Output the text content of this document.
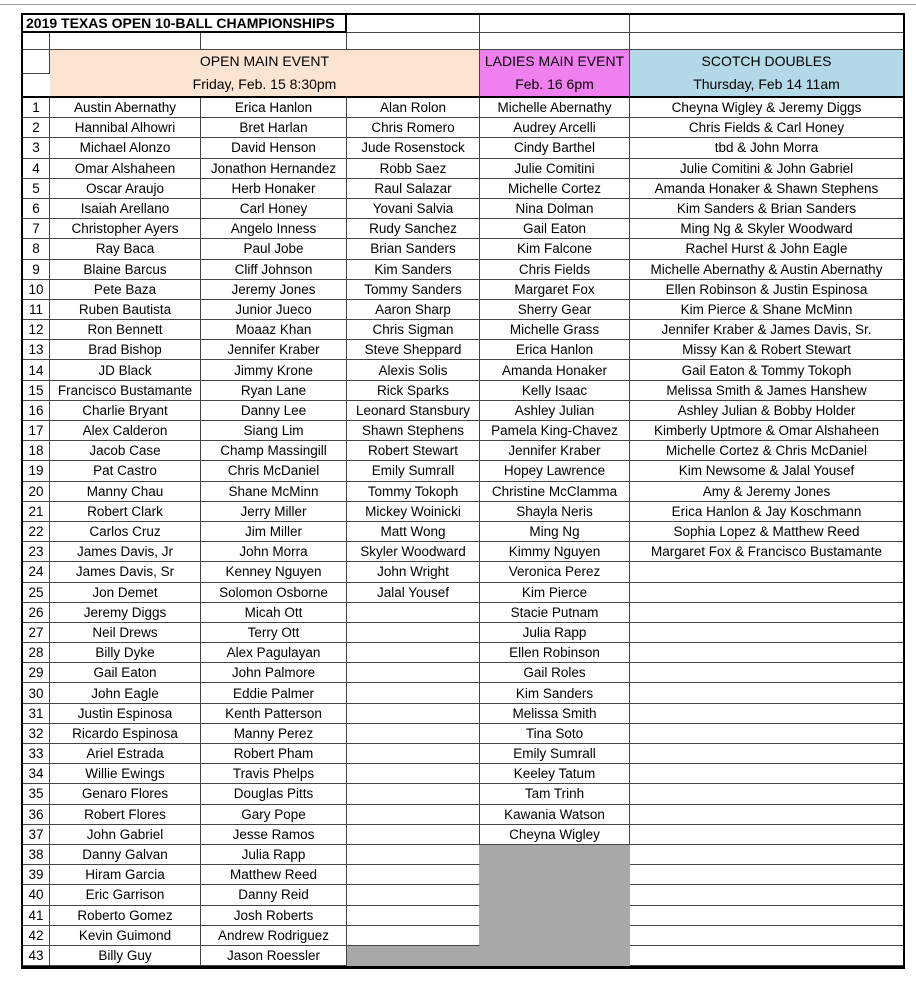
2019 TEXAS OPEN 10-BALL CHAMPIONSHIPS					

OPEN MAIN EVENT
Friday, Feb. 15 8:30pm

LADIES MAIN EVENT
Feb. 16 6pm

SCOTCH DOUBLES
Thursday, Feb 14 11am

1	Austin Abernathy	Erica Hanlon	Alan Rolon	Michelle Abernathy	Cheyna Wigley & Jeremy Diggs
2	Hannibal Alhowri	Bret Harlan	Chris Romero	Audrey Arcelli	Chris Fields & Carl Honey
3	Michael Alonzo	David Henson	Jude Rosenstock	Cindy Barthel	tbd & John Morra
4	Omar Alshaheen	Jonathon Hernandez	Robb Saez	Julie Comitini	Julie Comitini & John Gabriel
5	Oscar Araujo	Herb Honaker	Raul Salazar	Michelle Cortez	Amanda Honaker & Shawn Stephens
6	Isaiah Arellano	Carl Honey	Yovani Salvia	Nina Dolman	Kim Sanders & Brian Sanders
7	Christopher Ayers	Angelo Inness	Rudy Sanchez	Gail Eaton	Ming Ng & Skyler Woodward
8	Ray Baca	Paul Jobe	Brian Sanders	Kim Falcone	Rachel Hurst & John Eagle
9	Blaine Barcus	Cliff Johnson	Kim Sanders	Chris Fields	Michelle Abernathy & Austin Abernathy
10	Pete Baza	Jeremy Jones	Tommy Sanders	Margaret Fox	Ellen Robinson & Justin Espinosa
11	Ruben Bautista	Junior Jueco	Aaron Sharp	Sherry Gear	Kim Pierce & Shane McMinn
12	Ron Bennett	Moaaz Khan	Chris Sigman	Michelle Grass	Jennifer Kraber & James Davis, Sr.
13	Brad Bishop	Jennifer Kraber	Steve Sheppard	Erica Hanlon	Missy Kan & Robert Stewart
14	JD Black	Jimmy Krone	Alexis Solis	Amanda Honaker	Gail Eaton & Tommy Tokoph
15	Francisco Bustamante	Ryan Lane	Rick Sparks	Kelly Isaac	Melissa Smith & James Hanshew
16	Charlie Bryant	Danny Lee	Leonard Stansbury	Ashley Julian	Ashley Julian & Bobby Holder
17	Alex Calderon	Siang Lim	Shawn Stephens	Pamela King-Chavez	Kimberly Uptmore & Omar Alshaheen
18	Jacob Case	Champ Massingill	Robert Stewart	Jennifer Kraber	Michelle Cortez & Chris McDaniel
19	Pat Castro	Chris McDaniel	Emily Sumrall	Hopey Lawrence	Kim Newsome & Jalal Yousef
20	Manny Chau	Shane McMinn	Tommy Tokoph	Christine McClamma	Amy & Jeremy Jones
21	Robert Clark	Jerry Miller	Mickey Woinicki	Shayla Neris	Erica Hanlon & Jay Koschmann
22	Carlos Cruz	Jim Miller	Matt Wong	Ming Ng	Sophia Lopez & Matthew Reed
23	James Davis, Jr	John Morra	Skyler Woodward	Kimmy Nguyen	Margaret Fox & Francisco Bustamante
24	James Davis, Sr	Kenney Nguyen	John Wright	Veronica Perez	
25	Jon Demet	Solomon Osborne	Jalal Yousef	Kim Pierce	
26	Jeremy Diggs	Micah Ott		Stacie Putnam	
27	Neil Drews	Terry Ott		Julia Rapp	
28	Billy Dyke	Alex Pagulayan		Ellen Robinson	
29	Gail Eaton	John Palmore		Gail Roles	
30	John Eagle	Eddie Palmer		Kim Sanders	
31	Justin Espinosa	Kenth Patterson		Melissa Smith	
32	Ricardo Espinosa	Manny Perez		Tina Soto	
33	Ariel Estrada	Robert Pham		Emily Sumrall	
34	Willie Ewings	Travis Phelps		Keeley Tatum	
35	Genaro Flores	Douglas Pitts		Tam Trinh	
36	Robert Flores	Gary Pope		Kawania Watson	
37	John Gabriel	Jesse Ramos		Cheyna Wigley	
38	Danny Galvan	Julia Rapp			
39	Hiram Garcia	Matthew Reed			
40	Eric Garrison	Danny Reid			
41	Roberto Gomez	Josh Roberts			
42	Kevin Guimond	Andrew Rodriguez			
43	Billy Guy	Jason Roessler			
